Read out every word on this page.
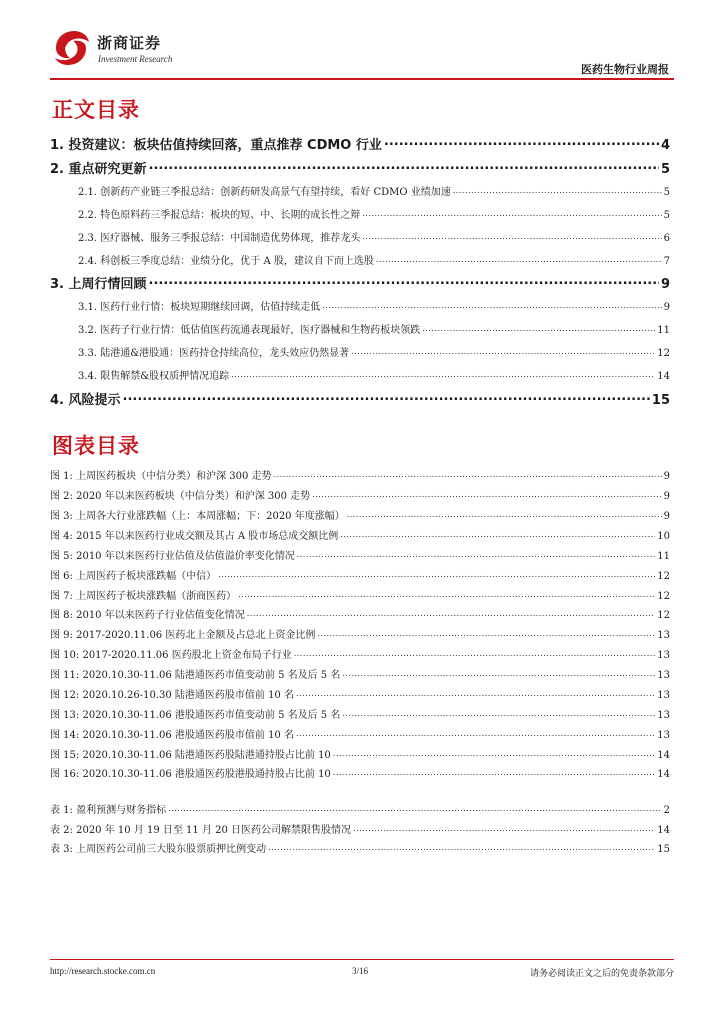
浙商证券
Investment Research
医药生物行业周报
正文目录
1. 投资建议：板块估值持续回落，重点推荐 CDMO 行业 .....	4
2. 重点研究更新 .....	5
2.1. 创新药产业链三季报总结：创新药研发高景气有望持续，看好 CDMO 业绩加速 .....	5
2.2. 特色原料药三季报总结：板块的短、中、长期的成长性之辩 .....	5
2.3. 医疗器械、服务三季报总结：中国制造优势体现，推荐龙头 .....	6
2.4. 科创板三季度总结：业绩分化，优于 A 股，建议自下而上选股 .....	7
3. 上周行情回顾 .....	9
3.1. 医药行业行情：板块短期继续回调，估值持续走低 .....	9
3.2. 医药子行业行情：低估值医药流通表现最好，医疗器械和生物药板块领跌 .....	11
3.3. 陆港通&港股通：医药持仓持续高位，龙头效应仍然显著 .....	12
3.4. 限售解禁&股权质押情况追踪 .....	14
4. 风险提示 .....	15
图表目录
图 1: 上周医药板块（中信分类）和沪深 300 走势 .....	9
图 2: 2020 年以来医药板块（中信分类）和沪深 300 走势 .....	9
图 3: 上周各大行业涨跌幅（上：本周涨幅；下：2020 年度涨幅） .....	9
图 4: 2015 年以来医药行业成交额及其占 A 股市场总成交额比例 .....	10
图 5: 2010 年以来医药行业估值及估值溢价率变化情况 .....	11
图 6: 上周医药子板块涨跌幅（中信） .....	12
图 7: 上周医药子板块涨跌幅（浙商医药） .....	12
图 8: 2010 年以来医药子行业估值变化情况 .....	12
图 9: 2017-2020.11.06 医药北上金额及占总北上资金比例 .....	13
图 10: 2017-2020.11.06 医药股北上资金布局子行业 .....	13
图 11: 2020.10.30-11.06 陆港通医药市值变动前 5 名及后 5 名 .....	13
图 12: 2020.10.26-10.30 陆港通医药股市值前 10 名 .....	13
图 13: 2020.10.30-11.06 港股通医药市值变动前 5 名及后 5 名 .....	13
图 14: 2020.10.30-11.06 港股通医药股市值前 10 名 .....	13
图 15: 2020.10.30-11.06 陆港通医药股陆港通持股占比前 10 .....	14
图 16: 2020.10.30-11.06 港股通医药股港股通持股占比前 10 .....	14
表 1: 盈利预测与财务指标 .....	2
表 2: 2020 年 10 月 19 日至 11 月 20 日医药公司解禁限售股情况 .....	14
表 3: 上周医药公司前三大股东股票质押比例变动 .....	15
http://research.stocke.com.cn	3/16	请务必阅读正文之后的免责条款部分
